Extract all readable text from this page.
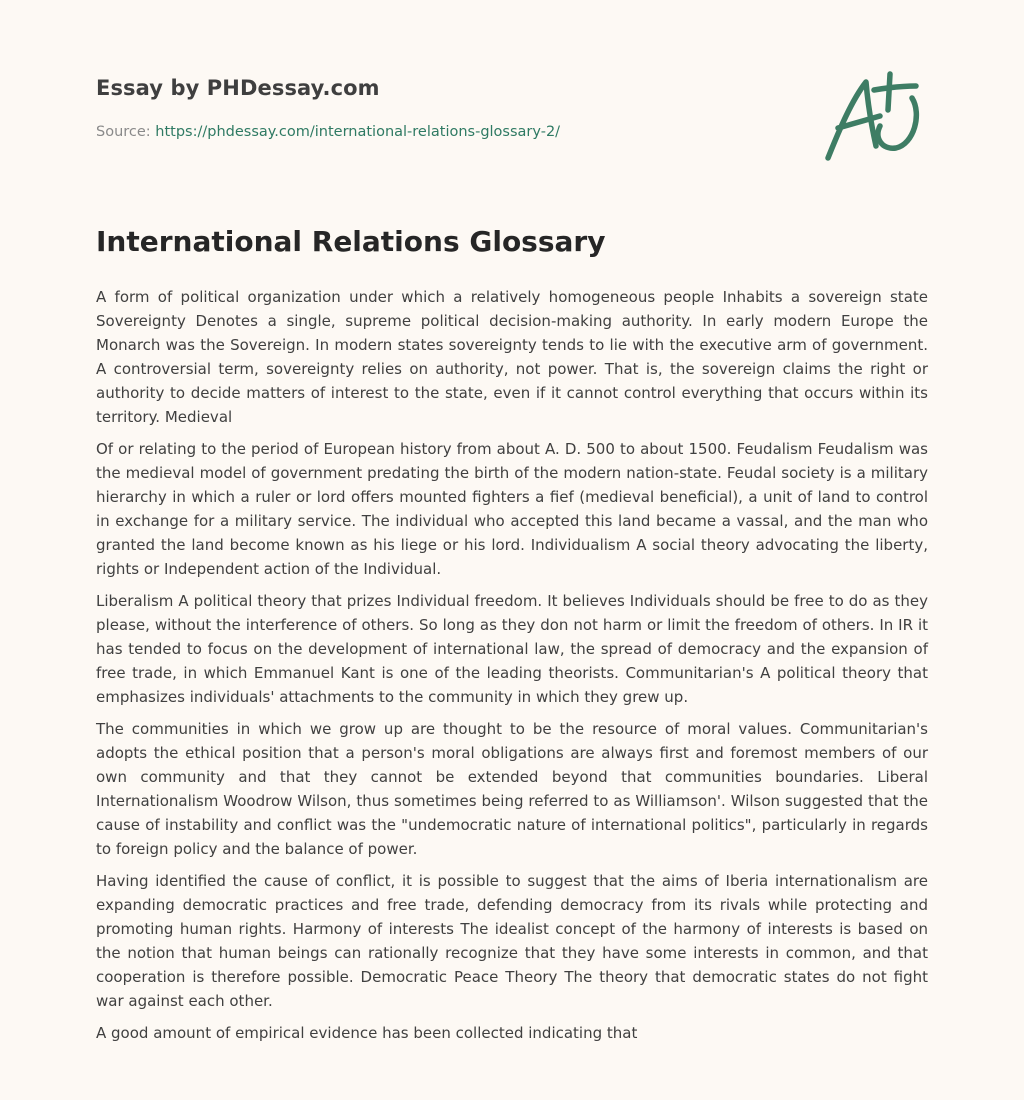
Essay by PHDessay.com
Source: https://phdessay.com/international-relations-glossary-2/
International Relations Glossary

A form of political organization under which a relatively homogeneous people Inhabits a sovereign state Sovereignty Denotes a single, supreme political decision-making authority. In early modern Europe the Monarch was the Sovereign. In modern states sovereignty tends to lie with the executive arm of government. A controversial term, sovereignty relies on authority, not power. That is, the sovereign claims the right or authority to decide matters of interest to the state, even if it cannot control everything that occurs within its territory. Medieval

Of or relating to the period of European history from about A. D. 500 to about 1500. Feudalism Feudalism was the medieval model of government predating the birth of the modern nation-state. Feudal society is a military hierarchy in which a ruler or lord offers mounted fighters a fief (medieval beneficial), a unit of land to control in exchange for a military service. The individual who accepted this land became a vassal, and the man who granted the land become known as his liege or his lord. Individualism A social theory advocating the liberty, rights or Independent action of the Individual.

Liberalism A political theory that prizes Individual freedom. It believes Individuals should be free to do as they please, without the interference of others. So long as they don not harm or limit the freedom of others. In IR it has tended to focus on the development of international law, the spread of democracy and the expansion of free trade, in which Emmanuel Kant is one of the leading theorists. Communitarian's A political theory that emphasizes individuals' attachments to the community in which they grew up.

The communities in which we grow up are thought to be the resource of moral values. Communitarian's adopts the ethical position that a person's moral obligations are always first and foremost members of our own community and that they cannot be extended beyond that communities boundaries. Liberal Internationalism Woodrow Wilson, thus sometimes being referred to as Williamson'. Wilson suggested that the cause of instability and conflict was the "undemocratic nature of international politics", particularly in regards to foreign policy and the balance of power.

Having identified the cause of conflict, it is possible to suggest that the aims of Iberia internationalism are expanding democratic practices and free trade, defending democracy from its rivals while protecting and promoting human rights. Harmony of interests The idealist concept of the harmony of interests is based on the notion that human beings can rationally recognize that they have some interests in common, and that cooperation is therefore possible. Democratic Peace Theory The theory that democratic states do not fight war against each other.

A good amount of empirical evidence has been collected indicating that
